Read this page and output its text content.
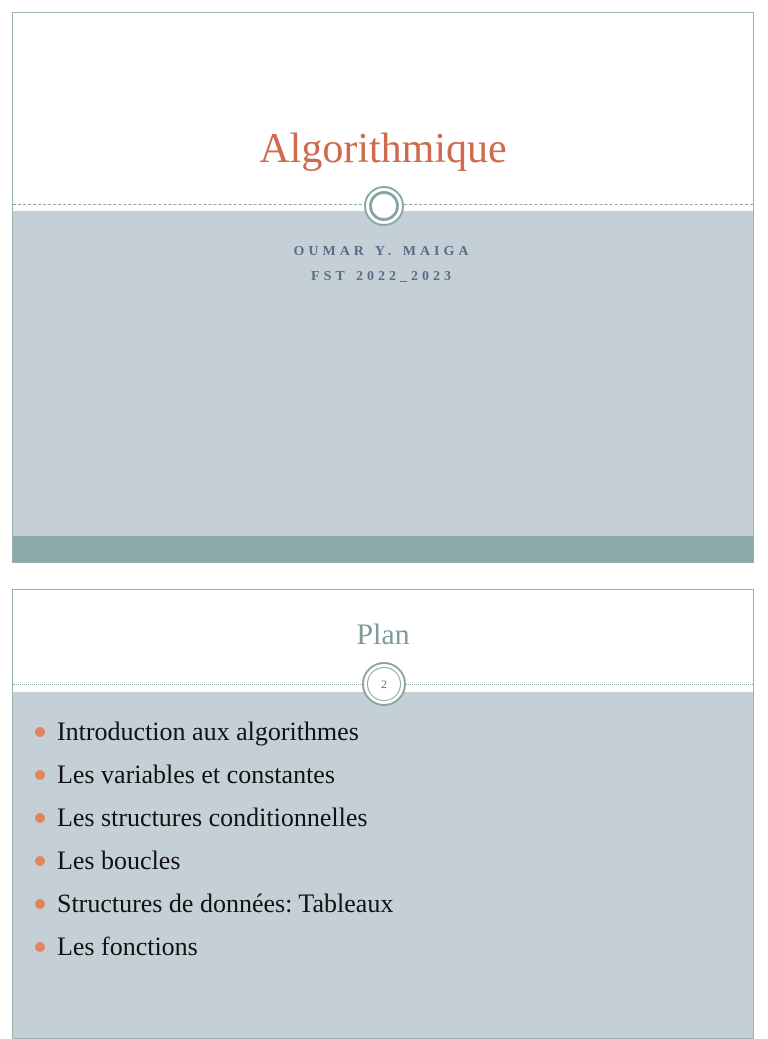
Algorithmique
OUMAR Y. MAIGA
FST 2022_2023
2
Plan
Introduction aux algorithmes
Les variables et constantes
Les structures conditionnelles
Les boucles
Structures de données: Tableaux
Les fonctions
